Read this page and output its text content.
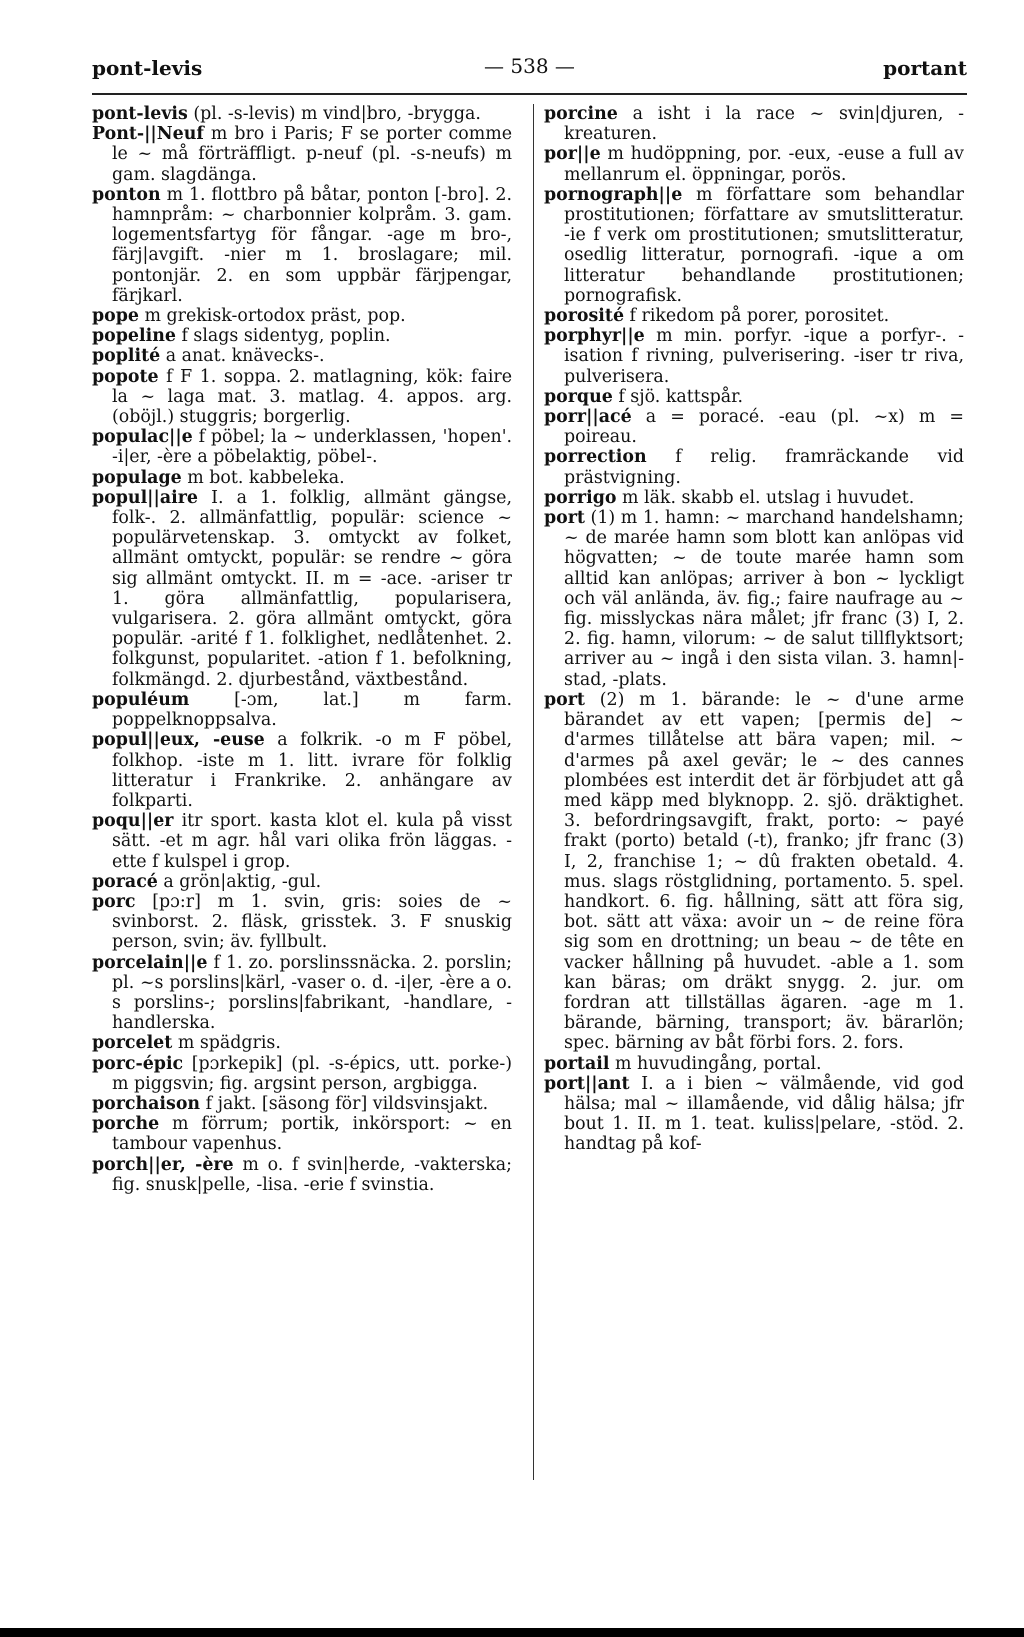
pont-levis	— 538 —	portant
pont-levis (pl. -s-levis) m vind|bro, -brygga.
Pont-||Neuf m bro i Paris; F se porter comme le ~ må förträffligt. p-neuf (pl. -s-neufs) m gam. slagdänga.
ponton m 1. flottbro på båtar, ponton [-bro]. 2. hamnpråm: ~ charbonnier kolpråm. 3. gam. logementsfartyg för fångar. -age m bro-, färj|avgift. -nier m 1. broslagare; mil. pontonjär. 2. en som uppbär färjpengar, färjkarl.
pope m grekisk-ortodox präst, pop.
popeline f slags sidentyg, poplin.
poplité a anat. knävecks-.
popote f F 1. soppa. 2. matlagning, kök: faire la ~ laga mat. 3. matlag. 4. appos. arg. (oböjl.) stuggris; borgerlig.
populac||e f pöbel; la ~ underklassen, 'hopen'. -i|er, -ère a pöbelaktig, pöbel-.
populage m bot. kabbeleka.
popul||aire I. a 1. folklig, allmänt gängse, folk-. 2. allmänfattlig, populär: science ~ populärvetenskap. 3. omtyckt av folket, allmänt omtyckt, populär: se rendre ~ göra sig allmänt omtyckt. II. m = -ace. -ariser tr 1. göra allmänfattlig, popularisera, vulgarisera. 2. göra allmänt omtyckt, göra populär. -arité f 1. folklighet, nedlåtenhet. 2. folkgunst, popularitet. -ation f 1. befolkning, folkmängd. 2. djurbestånd, växtbestånd.
populéum	[-ɔm, lat.] m farm. poppelknoppsalva.
popul||eux, -euse a folkrik. -o m F pöbel, folkhop. -iste m 1. litt. ivrare för folklig litteratur i Frankrike. 2. anhängare av folkparti.
poqu||er itr sport. kasta klot el. kula på visst sätt. -et m agr. hål vari olika frön läggas. -ette f kulspel i grop.
poracé a grön|aktig, -gul.
porc [pɔ:r] m 1. svin, gris: soies de ~ svinborst. 2. fläsk, grisstek. 3. F snuskig person, svin; äv. fyllbult.
porcelain||e f 1. zo. porslinssnäcka. 2. porslin; pl. ~s porslins|kärl, -vaser o. d. -i|er, -ère a o. s porslins-; porslins|fabrikant, -handlare, -handlerska.
porcelet m spädgris.
porc-épic [pɔrkepik] (pl. -s-épics, utt. porke-) m piggsvin; fig. argsint person, argbigga.
porchaison f jakt. [säsong för] vildsvinsjakt.
porche m förrum; portik, inkörsport: ~ en tambour vapenhus.
porch||er, -ère m o. f svin|herde, -vakterska; fig. snusk|pelle, -lisa. -erie f svinstia.
porcine a isht i la race ~ svin|djuren, -kreaturen.
por||e m hudöppning, por. -eux, -euse a full av mellanrum el. öppningar, porös.
pornograph||e m författare som behandlar prostitutionen; författare av smutslitteratur. -ie f verk om prostitutionen; smutslitteratur, osedlig litteratur, pornografi. -ique a om litteratur behandlande prostitutionen; pornografisk.
porosité f rikedom på porer, porositet.
porphyr||e m min. porfyr. -ique a porfyr-. -isation f rivning, pulverisering. -iser tr riva, pulverisera.
porque f sjö. kattspår.
porr||acé a = poracé. -eau (pl. ~x) m = poireau.
porrection f relig. framräckande vid prästvigning.
porrigo m läk. skabb el. utslag i huvudet.
port (1) m 1. hamn: ~ marchand handelshamn; ~ de marée hamn som blott kan anlöpas vid högvatten; ~ de toute marée hamn som alltid kan anlöpas; arriver à bon ~ lyckligt och väl anlända, äv. fig.; faire naufrage au ~ fig. misslyckas nära målet; jfr franc (3) I, 2. 2. fig. hamn, vilorum: ~ de salut tillflyktsort; arriver au ~ ingå i den sista vilan. 3. hamn|-stad, -plats.
port (2) m 1. bärande: le ~ d'une arme bärandet av ett vapen; [permis de] ~ d'armes tillåtelse att bära vapen; mil. ~ d'armes på axel gevär; le ~ des cannes plombées est interdit det är förbjudet att gå med käpp med blyknopp. 2. sjö. dräktighet. 3. befordringsavgift, frakt, porto: ~ payé frakt (porto) betald (-t), franko; jfr franc (3) I, 2, franchise 1; ~ dû frakten obetald. 4. mus. slags röstglidning, portamento. 5. spel. handkort. 6. fig. hållning, sätt att föra sig, bot. sätt att växa: avoir un ~ de reine föra sig som en drottning; un beau ~ de tête en vacker hållning på huvudet. -able a 1. som kan bäras; om dräkt snygg. 2. jur. om fordran att tillställas ägaren. -age m 1. bärande, bärning, transport; äv. bärarlön; spec. bärning av båt förbi fors. 2. fors.
portail m huvudingång, portal.
port||ant I. a i bien ~ välmående, vid god hälsa; mal ~ illamående, vid dålig hälsa; jfr bout 1. II. m 1. teat. kuliss|pelare, -stöd. 2. handtag på kof-
